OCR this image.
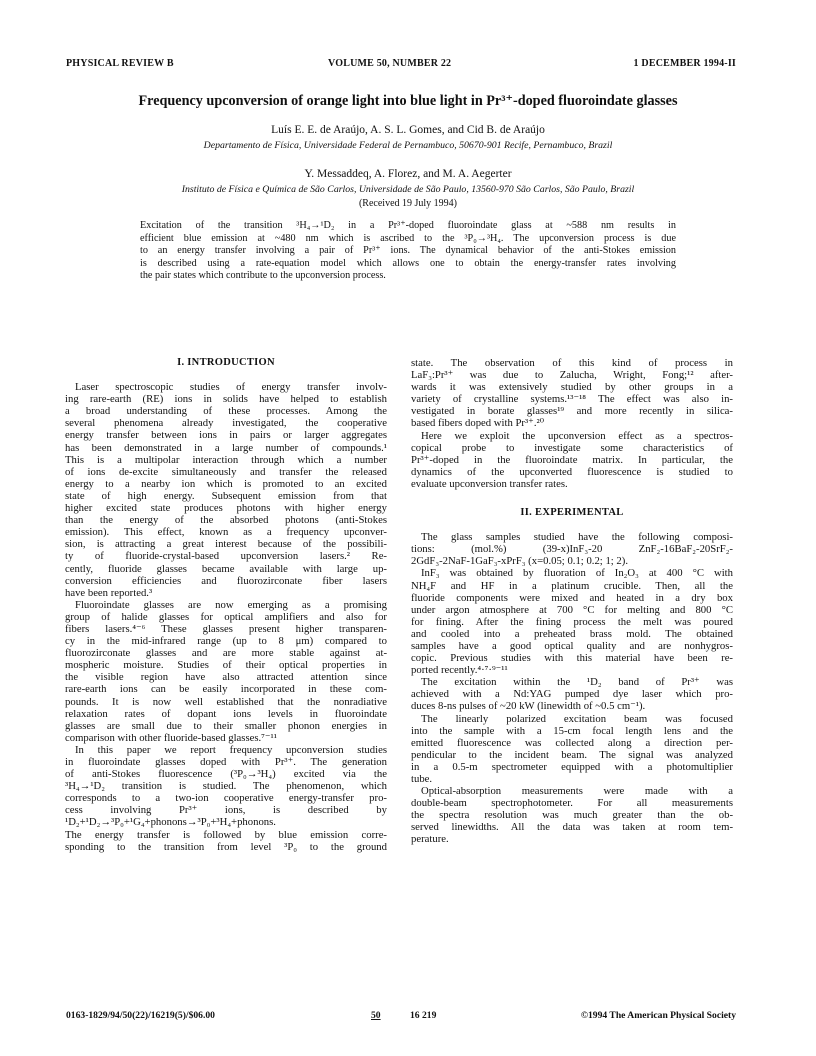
PHYSICAL REVIEW B	VOLUME 50, NUMBER 22	1 DECEMBER 1994-II
Frequency upconversion of orange light into blue light in Pr³⁺-doped fluoroindate glasses
Luís E. E. de Araújo, A. S. L. Gomes, and Cid B. de Araújo
Departamento de Física, Universidade Federal de Pernambuco, 50670-901 Recife, Pernambuco, Brazil
Y. Messaddeq, A. Florez, and M. A. Aegerter
Instituto de Física e Química de São Carlos, Universidade de São Paulo, 13560-970 São Carlos, São Paulo, Brazil
(Received 19 July 1994)
Excitation of the transition ³H₄→¹D₂ in a Pr³⁺-doped fluoroindate glass at ~588 nm results in
efficient blue emission at ~480 nm which is ascribed to the ³P₀→³H₄. The upconversion process is due
to an energy transfer involving a pair of Pr³⁺ ions. The dynamical behavior of the anti-Stokes emission
is described using a rate-equation model which allows one to obtain the energy-transfer rates involving
the pair states which contribute to the upconversion process.
I. INTRODUCTION
Laser spectroscopic studies of energy transfer involv-
ing rare-earth (RE) ions in solids have helped to establish
a broad understanding of these processes. Among the
several phenomena already investigated, the cooperative
energy transfer between ions in pairs or larger aggregates
has been demonstrated in a large number of compounds.¹
This is a multipolar interaction through which a number
of ions de-excite simultaneously and transfer the released
energy to a nearby ion which is promoted to an excited
state of high energy. Subsequent emission from that
higher excited state produces photons with higher energy
than the energy of the absorbed photons (anti-Stokes
emission). This effect, known as a frequency upconver-
sion, is attracting a great interest because of the possibili-
ty of fluoride-crystal-based upconversion lasers.² Re-
cently, fluoride glasses became available with large up-
conversion efficiencies and fluorozirconate fiber lasers
have been reported.³
Fluoroindate glasses are now emerging as a promising
group of halide glasses for optical amplifiers and also for
fibers lasers.⁴⁻⁶ These glasses present higher transparen-
cy in the mid-infrared range (up to 8 μm) compared to
fluorozirconate glasses and are more stable against at-
mospheric moisture. Studies of their optical properties in
the visible region have also attracted attention since
rare-earth ions can be easily incorporated in these com-
pounds. It is now well established that the nonradiative
relaxation rates of dopant ions levels in fluoroindate
glasses are small due to their smaller phonon energies in
comparison with other fluoride-based glasses.⁷⁻¹¹
In this paper we report frequency upconversion studies
in fluoroindate glasses doped with Pr³⁺. The generation
of anti-Stokes fluorescence (³P₀→³H₄) excited via the
³H₄→¹D₂ transition is studied. The phenomenon, which
corresponds to a two-ion cooperative energy-transfer pro-
cess involving Pr³⁺ ions, is described by
¹D₂+¹D₂→³P₀+¹G₄+phonons→³P₀+³H₄+phonons.
The energy transfer is followed by blue emission corre-
sponding to the transition from level ³P₀ to the ground
state. The observation of this kind of process in
LaF₃:Pr³⁺ was due to Zalucha, Wright, Fong;¹² after-
wards it was extensively studied by other groups in a
variety of crystalline systems.¹³⁻¹⁸ The effect was also in-
vestigated in borate glasses¹⁹ and more recently in silica-
based fibers doped with Pr³⁺.²⁰
Here we exploit the upconversion effect as a spectros-
copical probe to investigate some characteristics of
Pr³⁺-doped in the fluoroindate matrix. In particular, the
dynamics of the upconverted fluorescence is studied to
evaluate upconversion transfer rates.
II. EXPERIMENTAL
The glass samples studied have the following composi-
tions: (mol.%) (39-x)InF₃-20 ZnF₂-16BaF₂-20SrF₂-
2GdF₃-2NaF-1GaF₃-xPrF₃ (x=0.05; 0.1; 0.2; 1; 2).
InF₃ was obtained by fluoration of In₂O₃ at 400 °C with
NH₄F and HF in a platinum crucible. Then, all the
fluoride components were mixed and heated in a dry box
under argon atmosphere at 700 °C for melting and 800 °C
for fining. After the fining process the melt was poured
and cooled into a preheated brass mold. The obtained
samples have a good optical quality and are nonhygros-
copic. Previous studies with this material have been re-
ported recently.⁴·⁷·⁹⁻¹¹
The excitation within the ¹D₂ band of Pr³⁺ was
achieved with a Nd:YAG pumped dye laser which pro-
duces 8-ns pulses of ~20 kW (linewidth of ~0.5 cm⁻¹).
The linearly polarized excitation beam was focused
into the sample with a 15-cm focal length lens and the
emitted fluorescence was collected along a direction per-
pendicular to the incident beam. The signal was analyzed
in a 0.5-m spectrometer equipped with a photomultiplier
tube.
Optical-absorption measurements were made with a
double-beam spectrophotometer. For all measurements
the spectra resolution was much greater than the ob-
served linewidths. All the data was taken at room tem-
perature.
0163-1829/94/50(22)/16219(5)/$06.00	50	16 219	©1994 The American Physical Society
